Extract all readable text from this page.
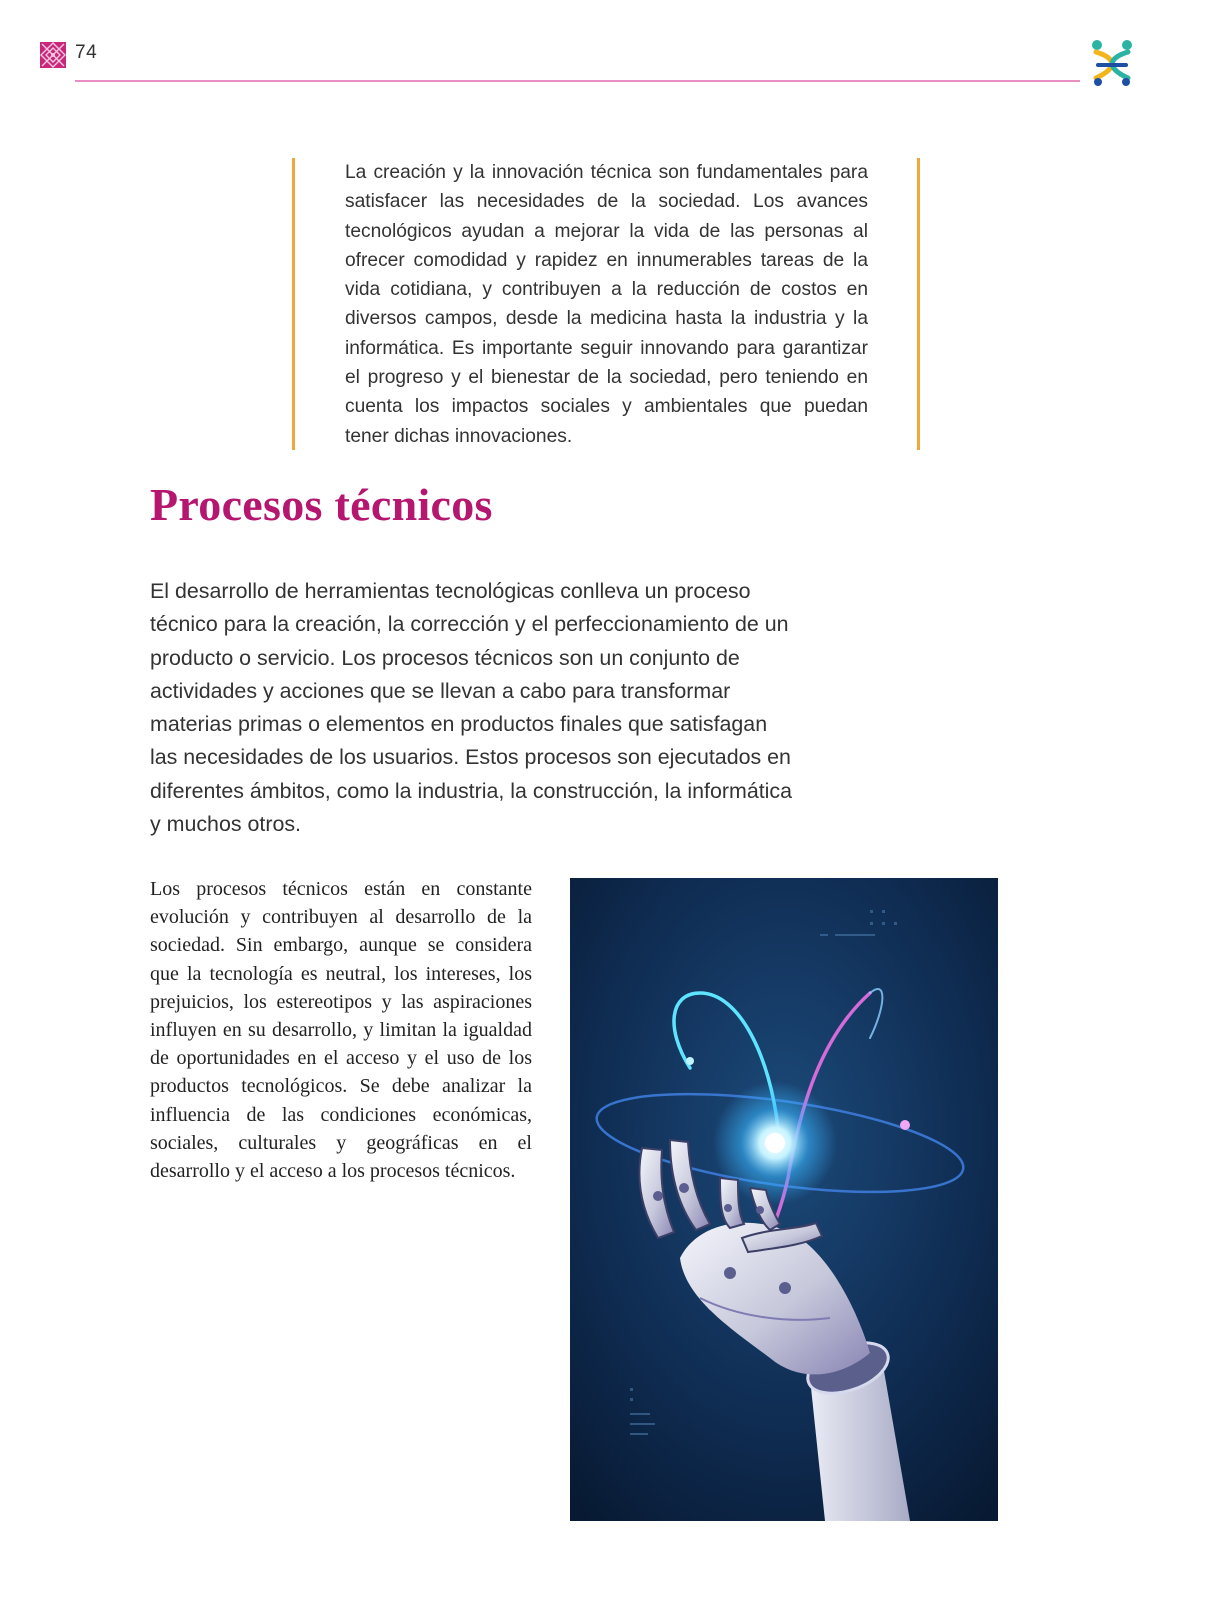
74

La creación y la innovación técnica son fundamentales para satisfacer las necesidades de la sociedad. Los avances tecnológicos ayudan a mejorar la vida de las personas al ofrecer comodidad y rapidez en innumerables tareas de la vida cotidiana, y contribuyen a la reducción de costos en diversos campos, desde la medicina hasta la industria y la informática. Es importante seguir innovando para garantizar el progreso y el bienestar de la sociedad, pero teniendo en cuenta los impactos sociales y ambientales que puedan tener dichas innovaciones.

Procesos técnicos

El desarrollo de herramientas tecnológicas conlleva un proceso técnico para la creación, la corrección y el perfeccionamiento de un producto o servicio. Los procesos técnicos son un conjunto de actividades y acciones que se llevan a cabo para transformar materias primas o elementos en productos finales que satisfagan las necesidades de los usuarios. Estos procesos son ejecutados en diferentes ámbitos, como la industria, la construcción, la informática y muchos otros.

Los procesos técnicos están en constante evolución y contribuyen al desarrollo de la sociedad. Sin embargo, aunque se considera que la tecnología es neutral, los intereses, los prejuicios, los estereotipos y las aspiraciones influyen en su desarrollo, y limitan la igualdad de oportunidades en el acceso y el uso de los productos tecnológicos. Se debe analizar la influencia de las condiciones económicas, sociales, culturales y geográficas en el desarrollo y el acceso a los procesos técnicos.
